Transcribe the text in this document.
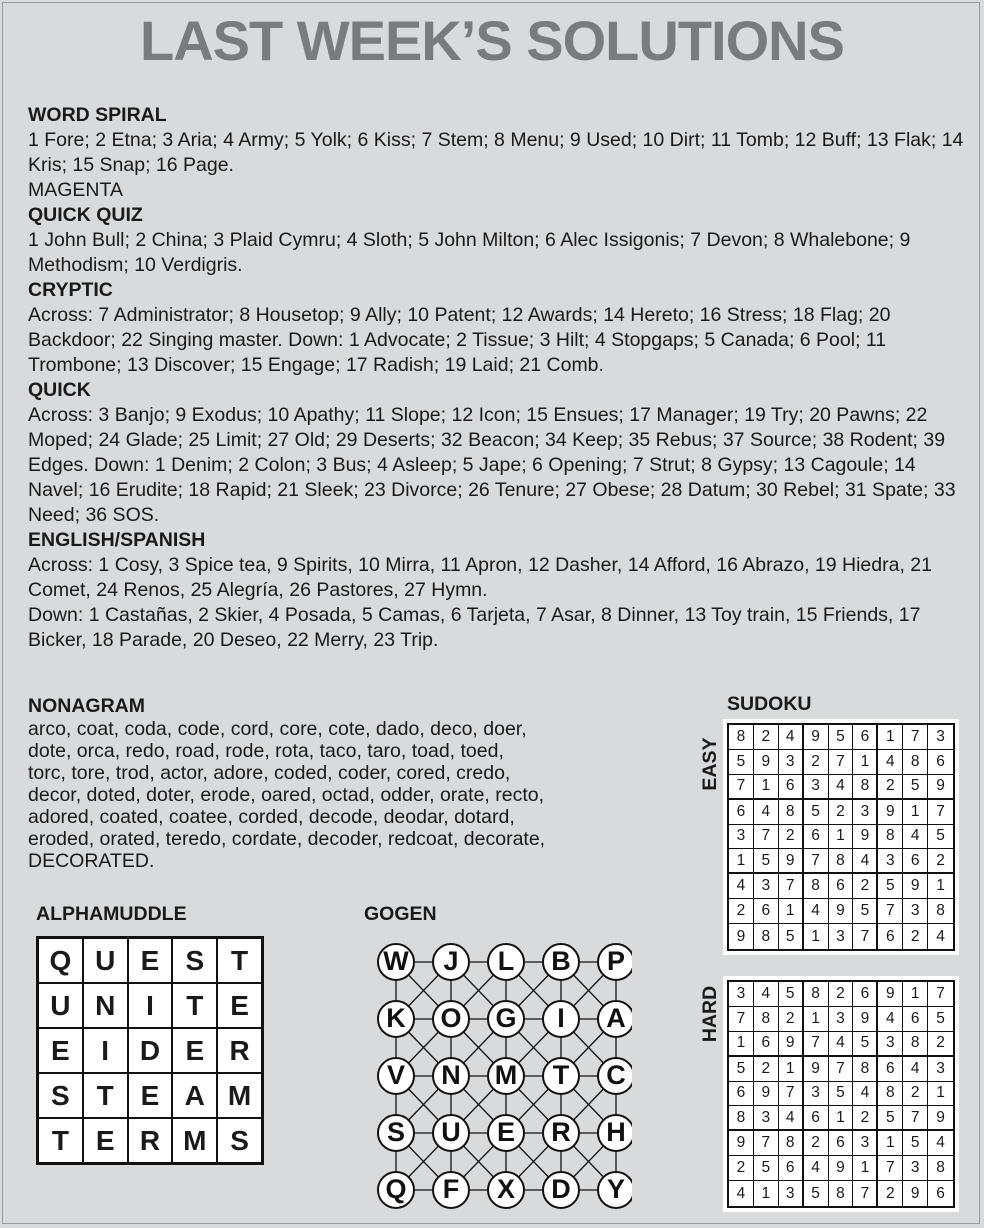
LAST WEEK’S SOLUTIONS
WORD SPIRAL

1 Fore; 2 Etna; 3 Aria; 4 Army; 5 Yolk; 6 Kiss; 7 Stem; 8 Menu; 9 Used; 10 Dirt; 11 Tomb; 12 Buff; 13 Flak; 14 Kris; 15 Snap; 16 Page.

MAGENTA

QUICK QUIZ

1 John Bull; 2 China; 3 Plaid Cymru; 4 Sloth; 5 John Milton; 6 Alec Issigonis; 7 Devon; 8 Whalebone; 9 Methodism; 10 Verdigris.

CRYPTIC

Across: 7 Administrator; 8 Housetop; 9 Ally; 10 Patent; 12 Awards; 14 Hereto; 16 Stress; 18 Flag; 20 Backdoor; 22 Singing master. Down: 1 Advocate; 2 Tissue; 3 Hilt; 4 Stopgaps; 5 Canada; 6 Pool; 11 Trombone; 13 Discover; 15 Engage; 17 Radish; 19 Laid; 21 Comb.

QUICK

Across: 3 Banjo; 9 Exodus; 10 Apathy; 11 Slope; 12 Icon; 15 Ensues; 17 Manager; 19 Try; 20 Pawns; 22 Moped; 24 Glade; 25 Limit; 27 Old; 29 Deserts; 32 Beacon; 34 Keep; 35 Rebus; 37 Source; 38 Rodent; 39 Edges. Down: 1 Denim; 2 Colon; 3 Bus; 4 Asleep; 5 Jape; 6 Opening; 7 Strut; 8 Gypsy; 13 Cagoule; 14 Navel; 16 Erudite; 18 Rapid; 21 Sleek; 23 Divorce; 26 Tenure; 27 Obese; 28 Datum; 30 Rebel; 31 Spate; 33 Need; 36 SOS.

ENGLISH/SPANISH

Across: 1 Cosy, 3 Spice tea, 9 Spirits, 10 Mirra, 11 Apron, 12 Dasher, 14 Afford, 16 Abrazo, 19 Hiedra, 21 Comet, 24 Renos, 25 Alegría, 26 Pastores, 27 Hymn.

Down: 1 Castañas, 2 Skier, 4 Posada, 5 Camas, 6 Tarjeta, 7 Asar, 8 Dinner, 13 Toy train, 15 Friends, 17 Bicker, 18 Parade, 20 Deseo, 22 Merry, 23 Trip.

NONAGRAM

arco, coat, coda, code, cord, core, cote, dado, deco, doer,
dote, orca, redo, road, rode, rota, taco, taro, toad, toed,
torc, tore, trod, actor, adore, coded, coder, cored, credo,
decor, doted, doter, erode, oared, octad, odder, orate, recto,
adored, coated, coatee, corded, decode, deodar, dotard,
eroded, orated, teredo, cordate, decoder, redcoat, decorate,
DECORATED.

ALPHAMUDDLE
Q U E S T
U N	I	T E
E	I	D E R
S T E A M
T E R M S
GOGEN
W J L B P
K O G I A
V N M T C
S U E R H
Q F X D Y
SUDOKU
EASY
8	2	4	9	5	6	1	7	3
5	9	3	2	7	1	4	8	6
7	1	6	3	4	8	2	5	9
6	4	8	5	2	3	9	1	7
3	7	2	6	1	9	8	4	5
1	5	9	7	8	4	3	6	2
4	3	7	8	6	2	5	9	1
2	6	1	4	9	5	7	3	8
9	8	5	1	3	7	6	2	4
HARD	3	4	5	8	2	6	9	1	7
7	8	2	1	3	9	4	6	5
1	6	9	7	4	5	3	8	2
5	2	1	9	7	8	6	4	3
6	9	7	3	5	4	8	2	1
8	3	4	6	1	2	5	7	9
9	7	8	2	6	3	1	5	4
2	5	6	4	9	1	7	3	8
4	1	3	5	8	7	2	9	6
